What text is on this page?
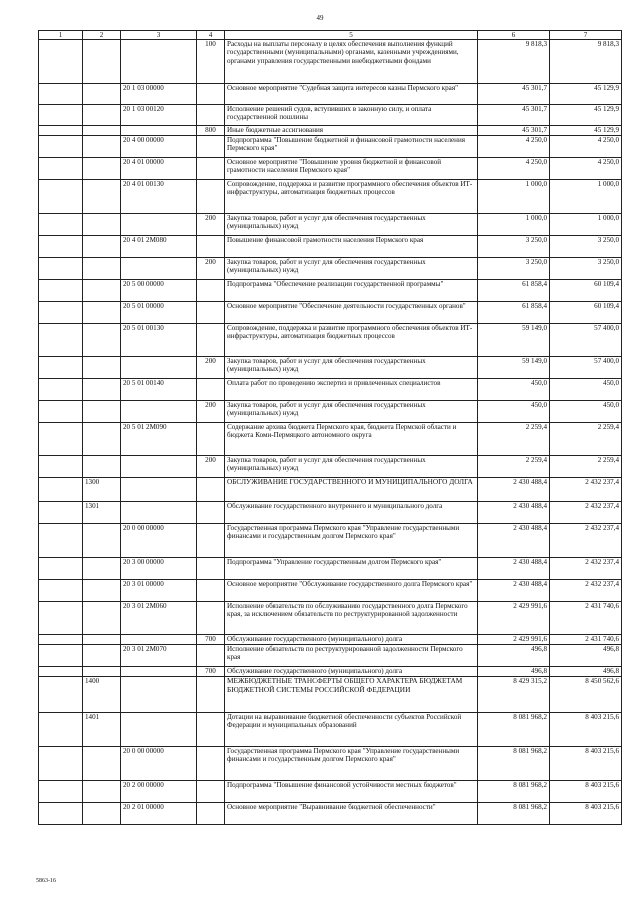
49
1	2	3	4	5	6	7
			100	Расходы на выплаты персоналу в целях обеспечения выполнения функций государственными (муниципальными) органами, казенными учреждениями, органами управления государственными внебюджетными фондами	9 818,3	9 818,3
		20 1 03 00000		Основное мероприятие "Судебная защита интересов казны Пермского края"	45 301,7	45 129,9
		20 1 03 00120		Исполнение решений судов, вступивших в законную силу, и оплата государственной пошлины	45 301,7	45 129,9
			800	Иные бюджетные ассигнования	45 301,7	45 129,9
		20 4 00 00000		Подпрограмма "Повышение бюджетной и финансовой грамотности населения Пермского края"	4 250,0	4 250,0
		20 4 01 00000		Основное мероприятие "Повышение уровня бюджетной и финансовой грамотности населения Пермского края"	4 250,0	4 250,0
		20 4 01 00130		Сопровождение, поддержка и развитие программного обеспечения объектов ИТ-инфраструктуры, автоматизация бюджетных процессов	1 000,0	1 000,0
			200	Закупка товаров, работ и услуг для обеспечения государственных (муниципальных) нужд	1 000,0	1 000,0
		20 4 01 2М080		Повышение финансовой грамотности населения Пермского края	3 250,0	3 250,0
			200	Закупка товаров, работ и услуг для обеспечения государственных (муниципальных) нужд	3 250,0	3 250,0
		20 5 00 00000		Подпрограмма "Обеспечение реализации государственной программы"	61 858,4	60 109,4
		20 5 01 00000		Основное мероприятие "Обеспечение деятельности государственных органов"	61 858,4	60 109,4
		20 5 01 00130		Сопровождение, поддержка и развитие программного обеспечения объектов ИТ-инфраструктуры, автоматизация бюджетных процессов	59 149,0	57 400,0
			200	Закупка товаров, работ и услуг для обеспечения государственных (муниципальных) нужд	59 149,0	57 400,0
		20 5 01 00140		Оплата работ по проведению экспертиз и привлеченных специалистов	450,0	450,0
			200	Закупка товаров, работ и услуг для обеспечения государственных (муниципальных) нужд	450,0	450,0
		20 5 01 2М090		Содержание архива бюджета Пермского края, бюджета Пермской области и бюджета Коми-Пермяцкого автономного округа	2 259,4	2 259,4
			200	Закупка товаров, работ и услуг для обеспечения государственных (муниципальных) нужд	2 259,4	2 259,4
	1300			ОБСЛУЖИВАНИЕ ГОСУДАРСТВЕННОГО И МУНИЦИПАЛЬНОГО ДОЛГА	2 430 488,4	2 432 237,4
	1301			Обслуживание государственного внутреннего и муниципального долга	2 430 488,4	2 432 237,4
		20 0 00 00000		Государственная программа Пермского края "Управление государственными финансами и государственным долгом Пермского края"	2 430 488,4	2 432 237,4
		20 3 00 00000		Подпрограмма "Управление государственным долгом Пермского края"	2 430 488,4	2 432 237,4
		20 3 01 00000		Основное мероприятие "Обслуживание государственного долга Пермского края"	2 430 488,4	2 432 237,4
		20 3 01 2М060		Исполнение обязательств по обслуживанию государственного долга Пермского края, за исключением обязательств по реструктурированной задолженности	2 429 991,6	2 431 740,6
			700	Обслуживание государственного (муниципального) долга	2 429 991,6	2 431 740,6
		20 3 01 2М070		Исполнение обязательств по реструктурированной задолженности Пермского края	496,8	496,8
			700	Обслуживание государственного (муниципального) долга	496,8	496,8
	1400			МЕЖБЮДЖЕТНЫЕ ТРАНСФЕРТЫ ОБЩЕГО ХАРАКТЕРА БЮДЖЕТАМ БЮДЖЕТНОЙ СИСТЕМЫ РОССИЙСКОЙ ФЕДЕРАЦИИ	8 429 315,2	8 450 562,6
	1401			Дотации на выравнивание бюджетной обеспеченности субъектов Российской Федерации и муниципальных образований	8 081 968,2	8 403 215,6
		20 0 00 00000		Государственная программа Пермского края "Управление государственными финансами и государственным долгом Пермского края"	8 081 968,2	8 403 215,6
		20 2 00 00000		Подпрограмма "Повышение финансовой устойчивости местных бюджетов"	8 081 968,2	8 403 215,6
		20 2 01 00000		Основное мероприятие "Выравнивание бюджетной обеспеченности"	8 081 968,2	8 403 215,6
5863-16
